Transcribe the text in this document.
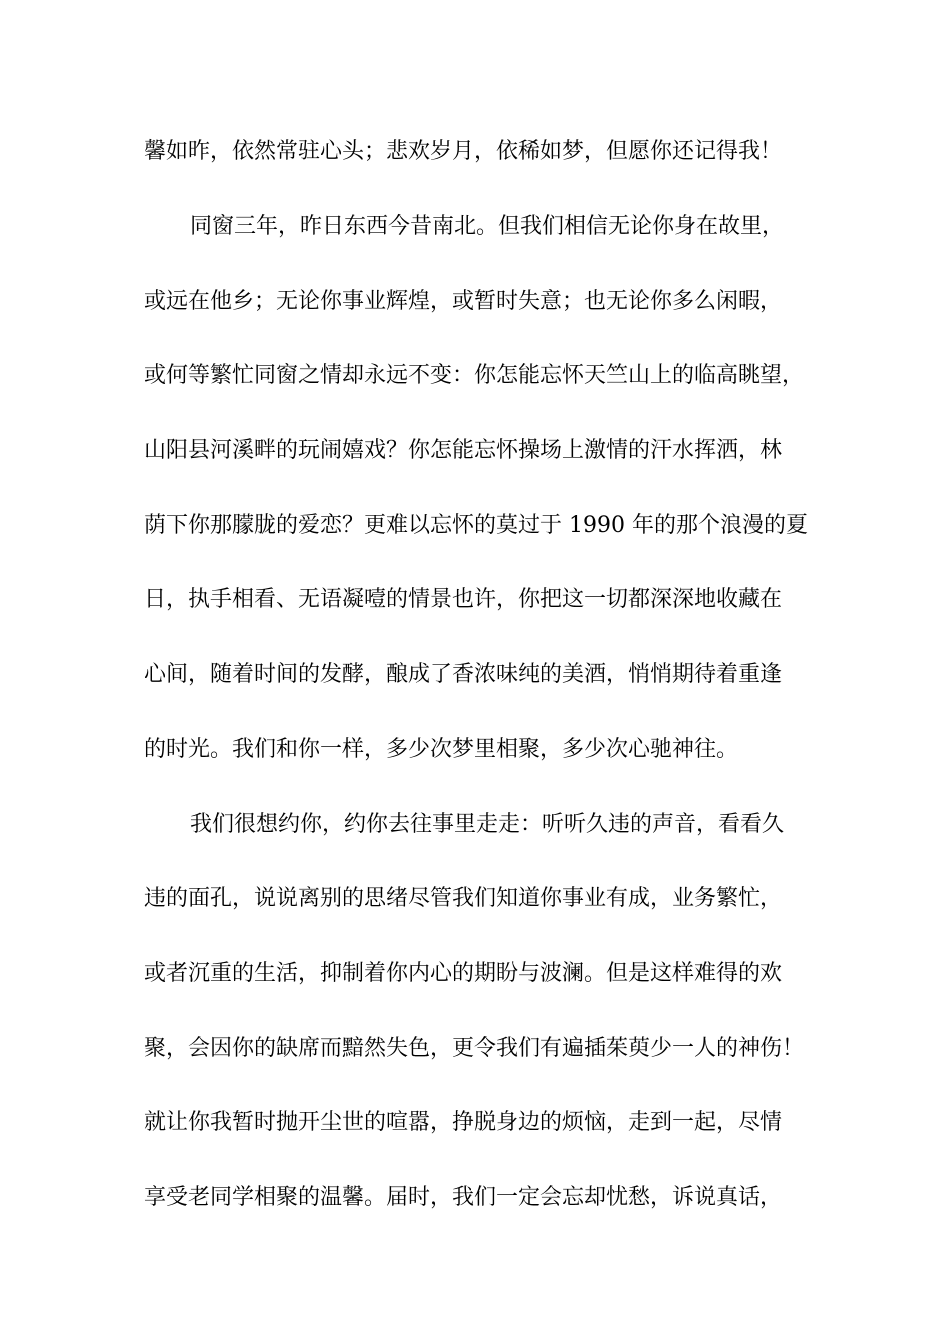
馨如昨，依然常驻心头；悲欢岁月，依稀如梦，但愿你还记得我！
同窗三年，昨日东西今昔南北。但我们相信无论你身在故里，
或远在他乡；无论你事业辉煌，或暂时失意；也无论你多么闲暇，
或何等繁忙同窗之情却永远不变：你怎能忘怀天竺山上的临高眺望，
山阳县河溪畔的玩闹嬉戏？你怎能忘怀操场上激情的汗水挥洒，林
荫下你那朦胧的爱恋？更难以忘怀的莫过于 1990 年的那个浪漫的夏
日，执手相看、无语凝噎的情景也许，你把这一切都深深地收藏在
心间，随着时间的发酵，酿成了香浓味纯的美酒，悄悄期待着重逢
的时光。我们和你一样，多少次梦里相聚，多少次心驰神往。
我们很想约你，约你去往事里走走：听听久违的声音，看看久
违的面孔，说说离别的思绪尽管我们知道你事业有成，业务繁忙，
或者沉重的生活，抑制着你内心的期盼与波澜。但是这样难得的欢
聚，会因你的缺席而黯然失色，更令我们有遍插茱萸少一人的神伤！
就让你我暂时抛开尘世的喧嚣，挣脱身边的烦恼，走到一起，尽情
享受老同学相聚的温馨。届时，我们一定会忘却忧愁，诉说真话，
